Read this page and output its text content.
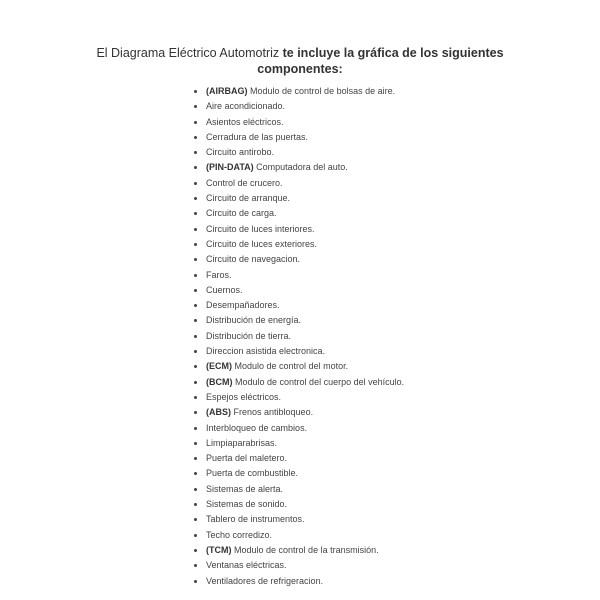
El Diagrama Eléctrico Automotriz te incluye la gráfica de los siguientes
componentes:
(AIRBAG) Modulo de control de bolsas de aire.
Aire acondicionado.
Asientos eléctricos.
Cerradura de las puertas.
Circuito antirobo.
(PIN-DATA) Computadora del auto.
Control de crucero.
Circuito de arranque.
Circuito de carga.
Circuito de luces interiores.
Circuito de luces exteriores.
Circuito de navegacion.
Faros.
Cuernos.
Desempañadores.
Distribución de energía.
Distribución de tierra.
Direccion asistida electronica.
(ECM) Modulo de control del motor.
(BCM) Modulo de control del cuerpo del vehículo.
Espejos eléctricos.
(ABS) Frenos antibloqueo.
Interbloqueo de cambios.
Limpiaparabrisas.
Puerta del maletero.
Puerta de combustible.
Sistemas de alerta.
Sistemas de sonido.
Tablero de instrumentos.
Techo corredizo.
(TCM) Modulo de control de la transmisión.
Ventanas eléctricas.
Ventiladores de refrigeracion.
